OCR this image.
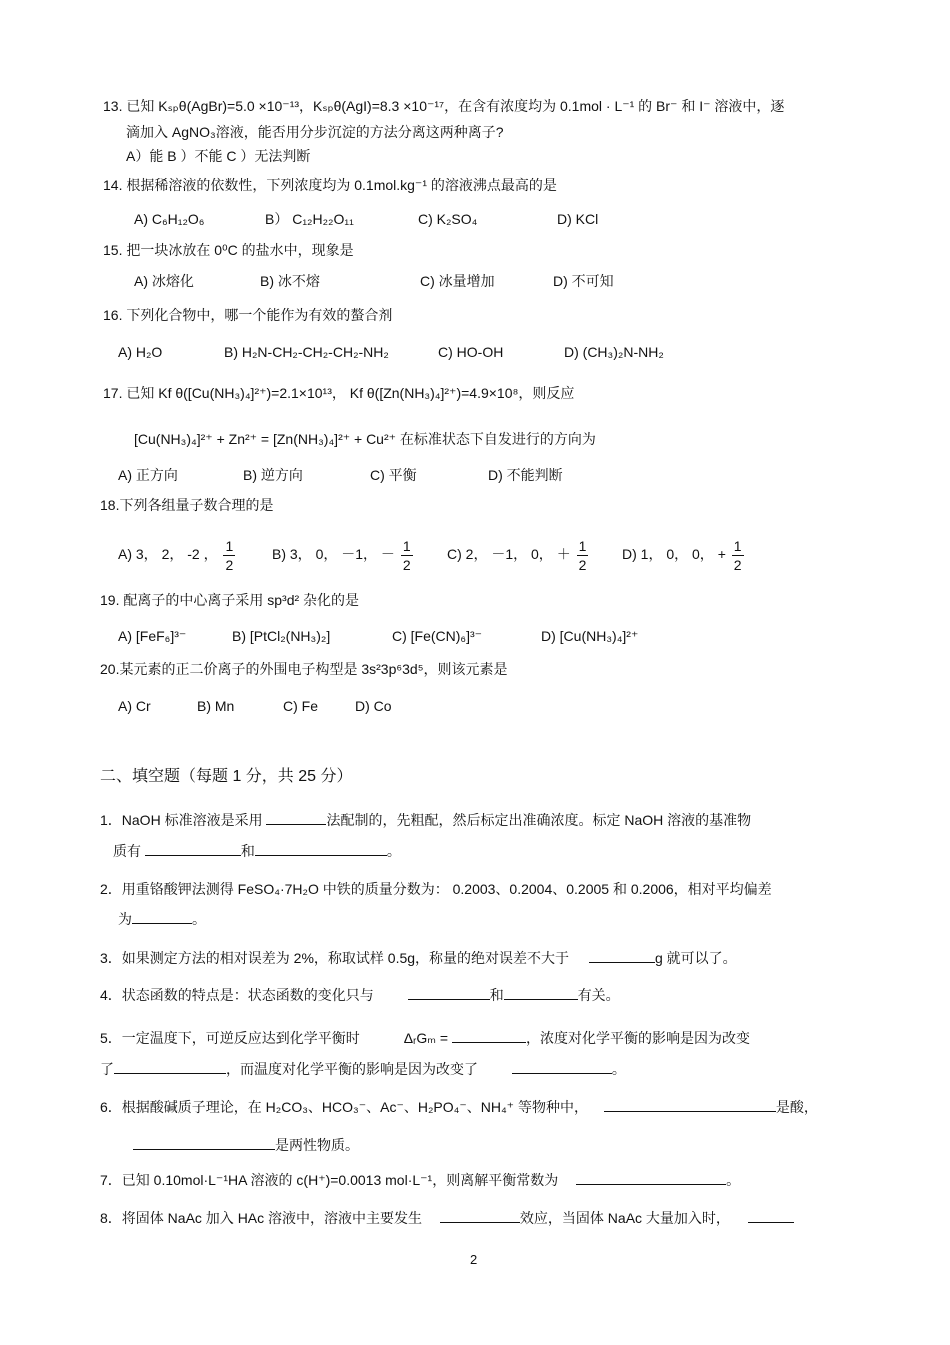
13. 已知 Kₛₚθ(AgBr)=5.0 ×10⁻¹³，Kₛₚθ(AgI)=8.3 ×10⁻¹⁷，在含有浓度均为 0.1mol · L⁻¹ 的 Br⁻ 和 I⁻ 溶液中，逐
滴加入 AgNO₃溶液，能否用分步沉淀的方法分离这两种离子?
A）能 B ）不能 C ）无法判断
14. 根据稀溶液的依数性，下列浓度均为 0.1mol.kg⁻¹ 的溶液沸点最高的是
A) C₆H₁₂O₆	B） C₁₂H₂₂O₁₁	C) K₂SO₄	D) KCl
15. 把一块冰放在 0⁰C 的盐水中，现象是
A) 冰熔化	B) 冰不熔	C) 冰量增加	D) 不可知
16. 下列化合物中，哪一个能作为有效的螯合剂
A) H₂O	B) H₂N-CH₂-CH₂-CH₂-NH₂	C) HO-OH	D) (CH₃)₂N-NH₂
17. 已知 Kf θ([Cu(NH₃)₄]²⁺)=2.1×10¹³， Kf θ([Zn(NH₃)₄]²⁺)=4.9×10⁸，则反应
[Cu(NH₃)₄]²⁺ + Zn²⁺ = [Zn(NH₃)₄]²⁺ + Cu²⁺ 在标准状态下自发进行的方向为
A) 正方向	B) 逆方向	C) 平衡	D) 不能判断
18.下列各组量子数合理的是
A) 3， 2， -2 ， $\frac{1}{2}$	B) 3， 0， －1， － $\frac{1}{2} C$) 2， －1， 0， ＋ $\frac{1}{2} D$) 1， 0， 0， + $\frac{1}{2}$
19. 配离子的中心离子采用 sp³d² 杂化的是
A) [FeF₆]³⁻	B) [PtCl₂(NH₃)₂]	C) [Fe(CN)₆]³⁻	D) [Cu(NH₃)₄]²⁺
20.某元素的正二价离子的外围电子构型是 3s²3p⁶3d⁵，则该元素是
A) Cr	B) Mn	C) Fe	D) Co
二、填空题（每题 1 分，共 25 分）
1．NaOH 标准溶液是采用	法配制的，先粗配，然后标定出准确浓度。标定 NaOH 溶液的基准物
质有	和	。
2．用重铬酸钾法测得 FeSO₄·7H₂O 中铁的质量分数为： 0.2003、0.2004、0.2005 和 0.2006，相对平均偏差
为	。
3．如果测定方法的相对误差为 2%，称取试样 0.5g，称量的绝对误差不大于	g 就可以了。
4．状态函数的特点是：状态函数的变化只与	和	有关。
5．一定温度下，可逆反应达到化学平衡时	ΔᵣGₘ =	，浓度对化学平衡的影响是因为改变
了	，而温度对化学平衡的影响是因为改变了	。
6．根据酸碱质子理论，在 H₂CO₃、HCO₃⁻、Ac⁻、H₂PO₄⁻、NH₄⁺ 等物种中，	是酸，
是两性物质。
7．已知 0.10mol·L⁻¹HA 溶液的 c(H⁺)=0.0013 mol·L⁻¹，则离解平衡常数为	。
8．将固体 NaAc 加入 HAc 溶液中，溶液中主要发生	效应，当固体 NaAc 大量加入时，
2
